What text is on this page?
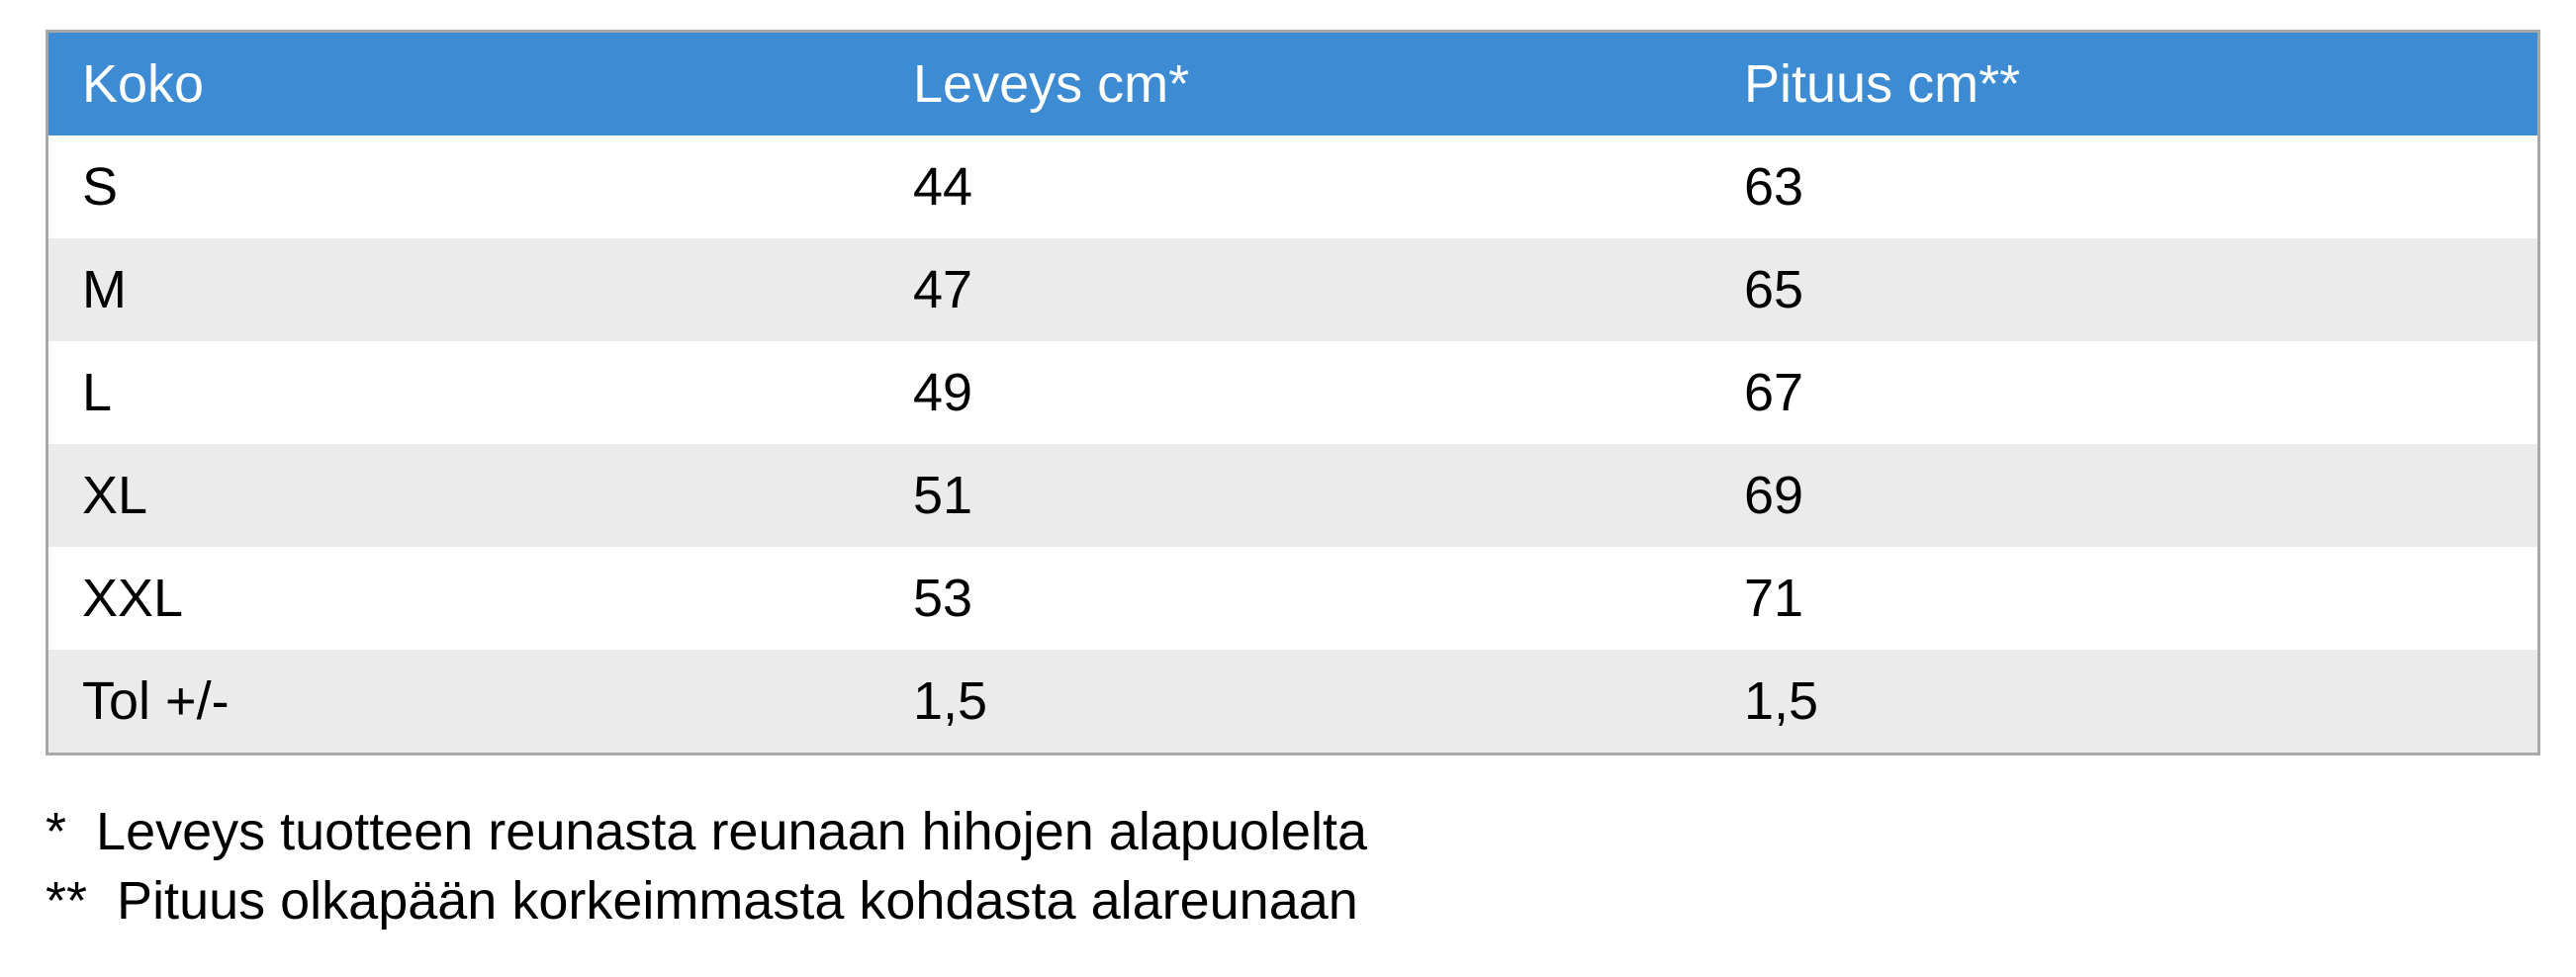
Koko	Leveys cm*	Pituus cm**
S	44	63
M	47	65
L	49	67
XL	51	69
XXL	53	71
Tol +/-	1,5	1,5
* Leveys tuotteen reunasta reunaan hihojen alapuolelta
** Pituus olkapään korkeimmasta kohdasta alareunaan
